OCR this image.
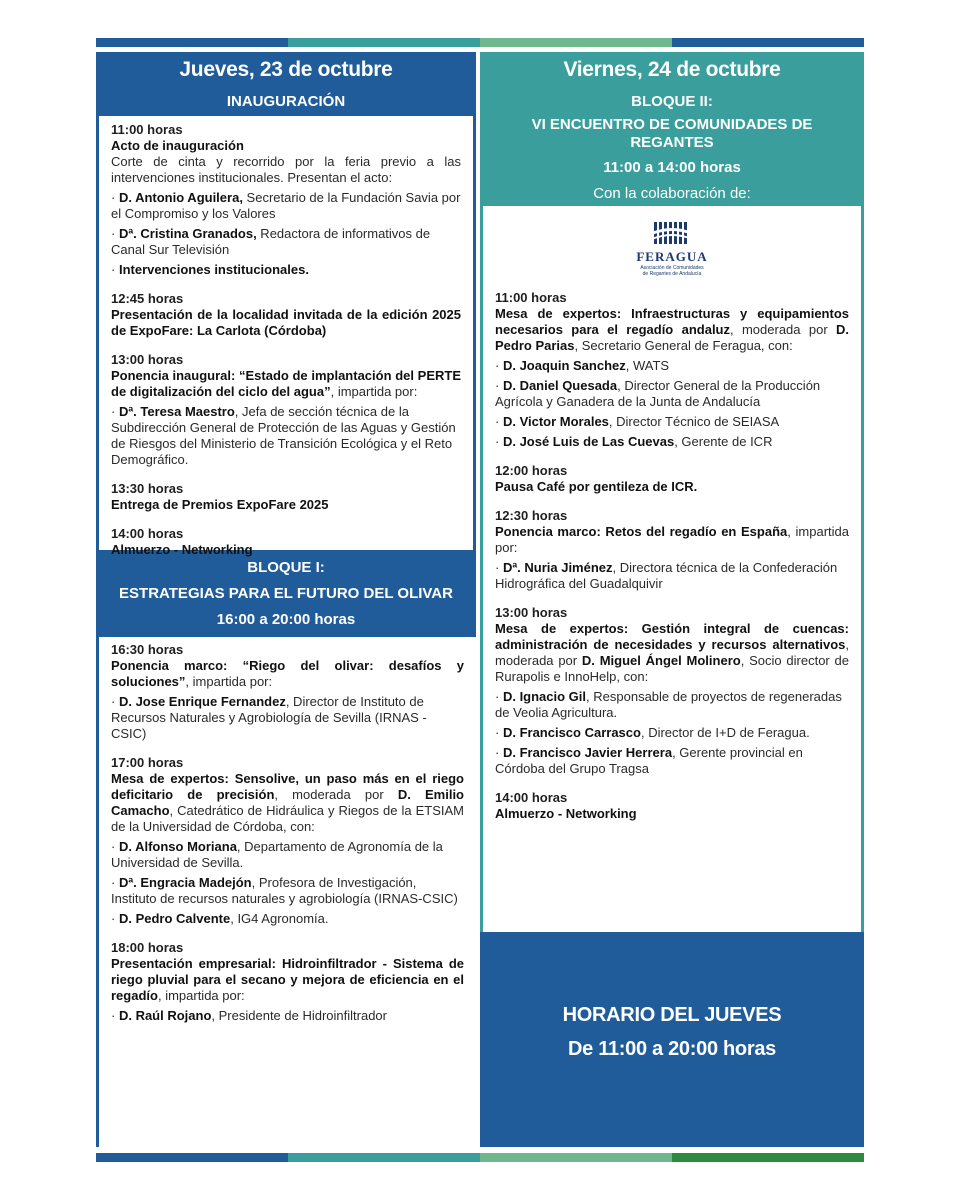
Jueves, 23 de octubre
INAUGURACIÓN
11:00 horas
Acto de inauguración
Corte de cinta y recorrido por la feria previo a las intervenciones institucionales. Presentan el acto:
· D. Antonio Aguilera, Secretario de la Fundación Savia por el Compromiso y los Valores
· Dª. Cristina Granados, Redactora de informativos de Canal Sur Televisión
· Intervenciones institucionales.
12:45 horas
Presentación de la localidad invitada de la edición 2025 de ExpoFare: La Carlota (Córdoba)
13:00 horas
Ponencia inaugural: “Estado de implantación del PERTE de digitalización del ciclo del agua”, impartida por:
· Dª. Teresa Maestro, Jefa de sección técnica de la Subdirección General de Protección de las Aguas y Gestión de Riesgos del Ministerio de Transición Ecológica y el Reto Demográfico.
13:30 horas
Entrega de Premios ExpoFare 2025
14:00 horas
Almuerzo - Networking
BLOQUE I:
ESTRATEGIAS PARA EL FUTURO DEL OLIVAR
16:00 a 20:00 horas
16:30 horas
Ponencia marco: “Riego del olivar: desafíos y soluciones”, impartida por:
· D. Jose Enrique Fernandez, Director de Instituto de Recursos Naturales y Agrobiología de Sevilla (IRNAS - CSIC)
17:00 horas
Mesa de expertos: Sensolive, un paso más en el riego deficitario de precisión, moderada por D. Emilio Camacho, Catedrático de Hidráulica y Riegos de la ETSIAM de la Universidad de Córdoba, con:
· D. Alfonso Moriana, Departamento de Agronomía de la Universidad de Sevilla.
· Dª. Engracia Madejón, Profesora de Investigación, Instituto de recursos naturales y agrobiología (IRNAS-CSIC)
· D. Pedro Calvente, IG4 Agronomía.
18:00 horas
Presentación empresarial: Hidroinfiltrador - Sistema de riego pluvial para el secano y mejora de eficiencia en el regadío, impartida por:
· D. Raúl Rojano, Presidente de Hidroinfiltrador
Viernes, 24 de octubre
BLOQUE II:
VI ENCUENTRO DE COMUNIDADES DE REGANTES
11:00 a 14:00 horas
Con la colaboración de:
FERAGUA
Asociación de Comunidades
de Regantes de Andalucía
11:00 horas
Mesa de expertos: Infraestructuras y equipamientos necesarios para el regadío andaluz, moderada por D. Pedro Parias, Secretario General de Feragua, con:
· D. Joaquin Sanchez, WATS
· D. Daniel Quesada, Director General de la Producción Agrícola y Ganadera de la Junta de Andalucía
· D. Victor Morales, Director Técnico de SEIASA
· D. José Luis de Las Cuevas, Gerente de ICR
12:00 horas
Pausa Café por gentileza de ICR.
12:30 horas
Ponencia marco: Retos del regadío en España, impartida por:
· Dª. Nuria Jiménez, Directora técnica de la Confederación Hidrográfica del Guadalquivir
13:00 horas
Mesa de expertos: Gestión integral de cuencas: administración de necesidades y recursos alternativos, moderada por D. Miguel Ángel Molinero, Socio director de Rurapolis e InnoHelp, con:
· D. Ignacio Gil, Responsable de proyectos de regeneradas de Veolia Agricultura.
· D. Francisco Carrasco, Director de I+D de Feragua.
· D. Francisco Javier Herrera, Gerente provincial en Córdoba del Grupo Tragsa
14:00 horas
Almuerzo - Networking
HORARIO DEL JUEVES
De 11:00 a 20:00 horas
